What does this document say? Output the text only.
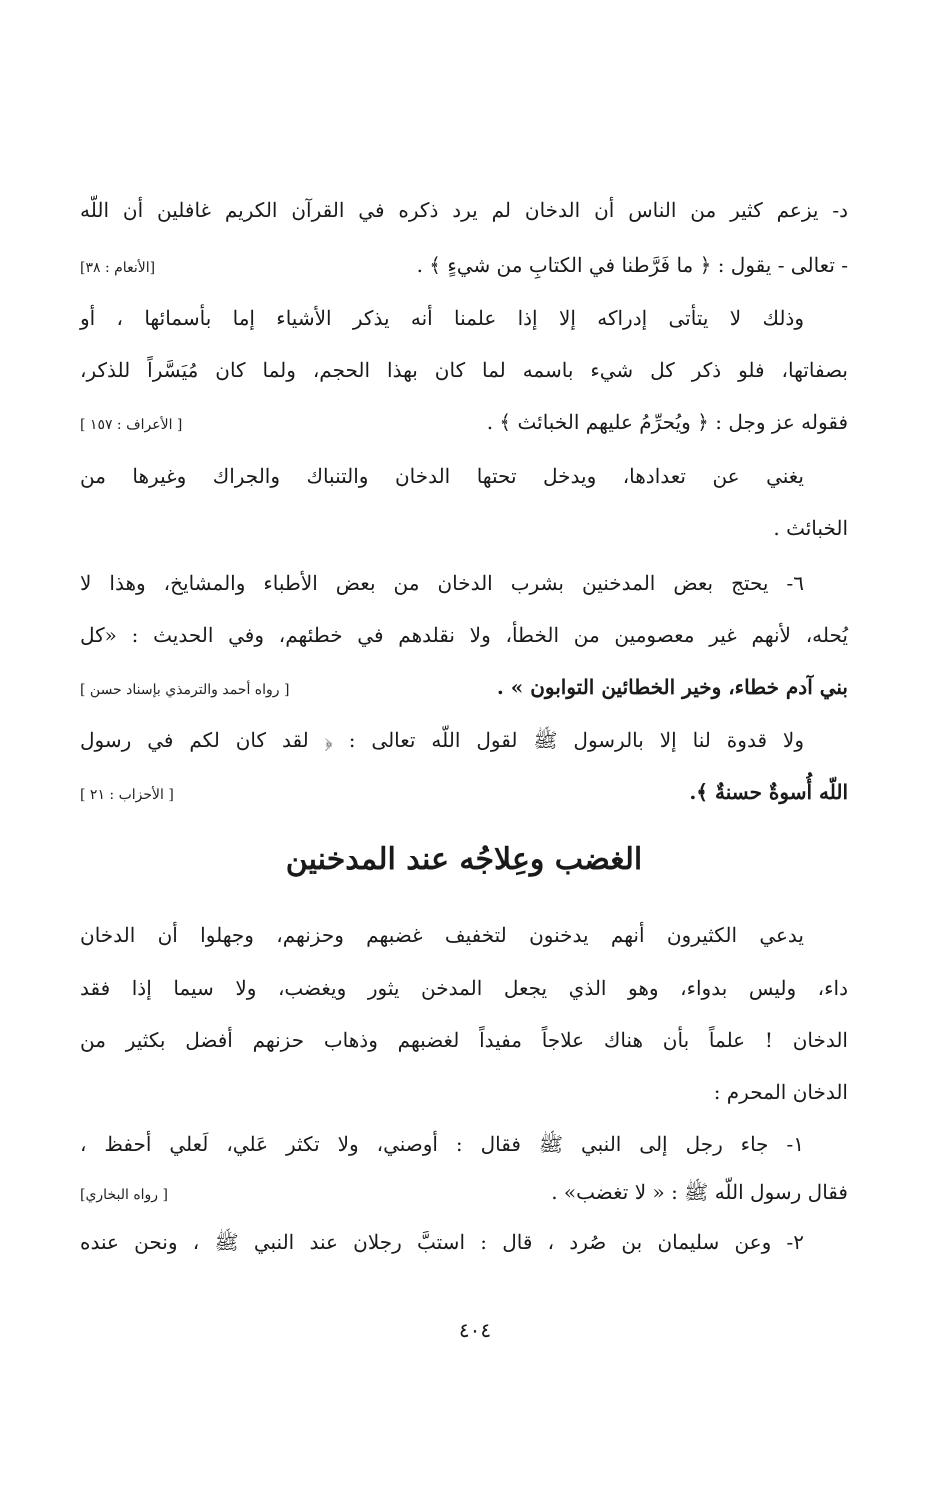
د- يزعم كثير من الناس أن الدخان لم يرد ذكره في القرآن الكريم غافلين أن اللّه
- تعالى - يقول : ﴿ ما فَرَّطنا في الكتابِ من شيءٍ ﴾ .
[الأنعام : ٣٨]
وذلك لا يتأتى إدراكه إلا إذا علمنا أنه يذكر الأشياء إما بأسمائها ، أو
بصفاتها، فلو ذكر كل شيء باسمه لما كان بهذا الحجم، ولما كان مُيَسَّراً للذكر،
فقوله عز وجل : ﴿ ويُحرِّمُ عليهم الخبائث ﴾ .
[ الأعراف : ١٥٧ ]
يغني عن تعدادها، ويدخل تحتها الدخان والتنباك والجراك وغيرها من
الخبائث .
٦- يحتج بعض المدخنين بشرب الدخان من بعض الأطباء والمشايخ، وهذا لا
يُحله، لأنهم غير معصومين من الخطأ، ولا نقلدهم في خطئهم، وفي الحديث : «كل
بني آدم خطاء، وخير الخطائين التوابون » .
[ رواه أحمد والترمذي بإسناد حسن ]
ولا قدوة لنا إلا بالرسول ﷺ لقول اللّه تعالى : ﴿ لقد كان لكم في رسول
اللّه أُسوةٌ حسنةٌ ﴾.
[ الأحزاب : ٢١ ]
الغضب وعِلاجُه عند المدخنين
يدعي الكثيرون أنهم يدخنون لتخفيف غضبهم وحزنهم، وجهلوا أن الدخان
داء، وليس بدواء، وهو الذي يجعل المدخن يثور ويغضب، ولا سيما إذا فقد
الدخان ! علماً بأن هناك علاجاً مفيداً لغضبهم وذهاب حزنهم أفضل بكثير من
الدخان المحرم :
١- جاء رجل إلى النبي ﷺ فقال : أوصني، ولا تكثر عَلي، لَعلي أحفظ ،
فقال رسول اللّه ﷺ : « لا تغضب» .
[ رواه البخاري]
٢- وعن سليمان بن صُرد ، قال : استبَّ رجلان عند النبي ﷺ ، ونحن عنده
٤٠٤
